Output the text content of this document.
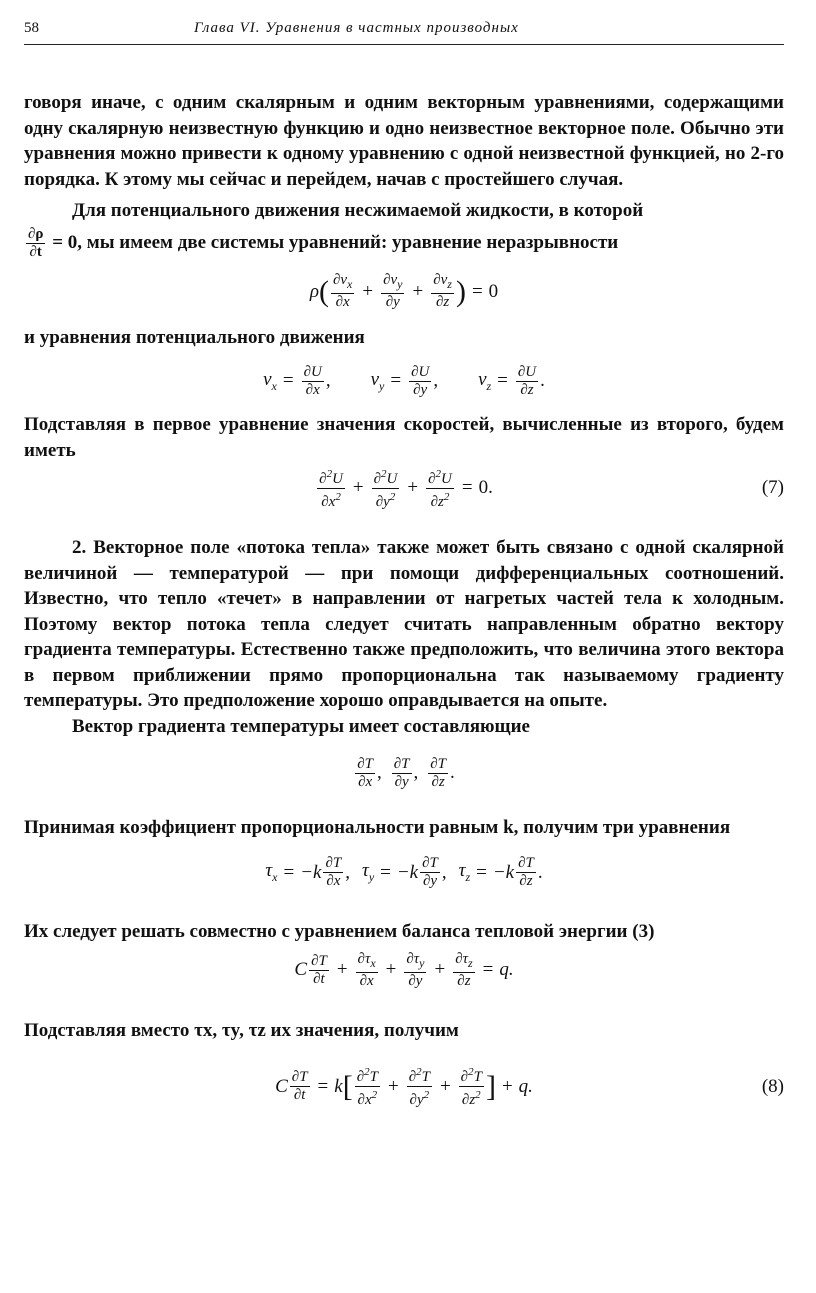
58	Глава VI. Уравнения в частных производных

говоря иначе, с одним скалярным и одним векторным уравнениями, содержащими одну скалярную неизвестную функцию и одно неизвестное векторное поле. Обычно эти уравнения можно привести к одному уравнению с одной неизвестной функцией, но 2-го порядка. К этому мы сейчас и перейдем, начав с простейшего случая.

Для потенциального движения несжимаемой жидкости, в которой

$\frac{\partial\rho}{\partial t} = 0$, мы имеем две системы уравнений: уравнение неразрывности

ρ ( $\frac{\partial v_x}{\partial x} + \frac{\partial v_y}{\partial y} + \frac{\partial v_z}{\partial z}$ ) = 0

и уравнения потенциального движения

$v_x = \frac{\partial U}{\partial x}$ , $v_y = \frac{\partial U}{\partial y}$ , $v_z = \frac{\partial U}{\partial z}$ .

Подставляя в первое уравнение значения скоростей, вычисленные из второго, будем иметь

$\frac{\partial^2U}{\partial x^2} + \frac{\partial^2U}{\partial y^2} + \frac{\partial^2U}{\partial z^2} = 0$.	(7)

2. Векторное поле «потока тепла» также может быть связано с одной скалярной величиной — температурой — при помощи дифференциальных соотношений. Известно, что тепло «течет» в направлении от нагретых частей тела к холодным. Поэтому вектор потока тепла следует считать направленным обратно вектору градиента температуры. Естественно также предположить, что величина этого вектора в первом приближении прямо пропорциональна так называемому градиенту температуры. Это предположение хорошо оправдывается на опыте.

Вектор градиента температуры имеет составляющие

$\frac{\partial T}{\partial x}$ , $\frac{\partial T}{\partial y}$ , $\frac{\partial T}{\partial z}$ .

Принимая коэффициент пропорциональности равным k, получим три уравнения

$\tau_x = -k \frac{\partial T}{\partial x}$ , $\tau_y = -k \frac{\partial T}{\partial y}$ , $\tau_z = -k \frac{\partial T}{\partial z}$ .

Их следует решать совместно с уравнением баланса тепловой энергии (3)

C $\frac{\partial T}{\partial t} + \frac{\partial\tau_x}{\partial x} + \frac{\partial\tau_y}{\partial y} + \frac{\partial\tau_z}{\partial z} = q$.

Подставляя вместо τx, τy, τz их значения, получим

C $\frac{\partial T}{\partial t} = k$ [ $\frac{\partial^2T}{\partial x^2} + \frac{\partial^2T}{\partial y^2} + \frac{\partial^2T}{\partial z^2}$ ] + q.	(8)
